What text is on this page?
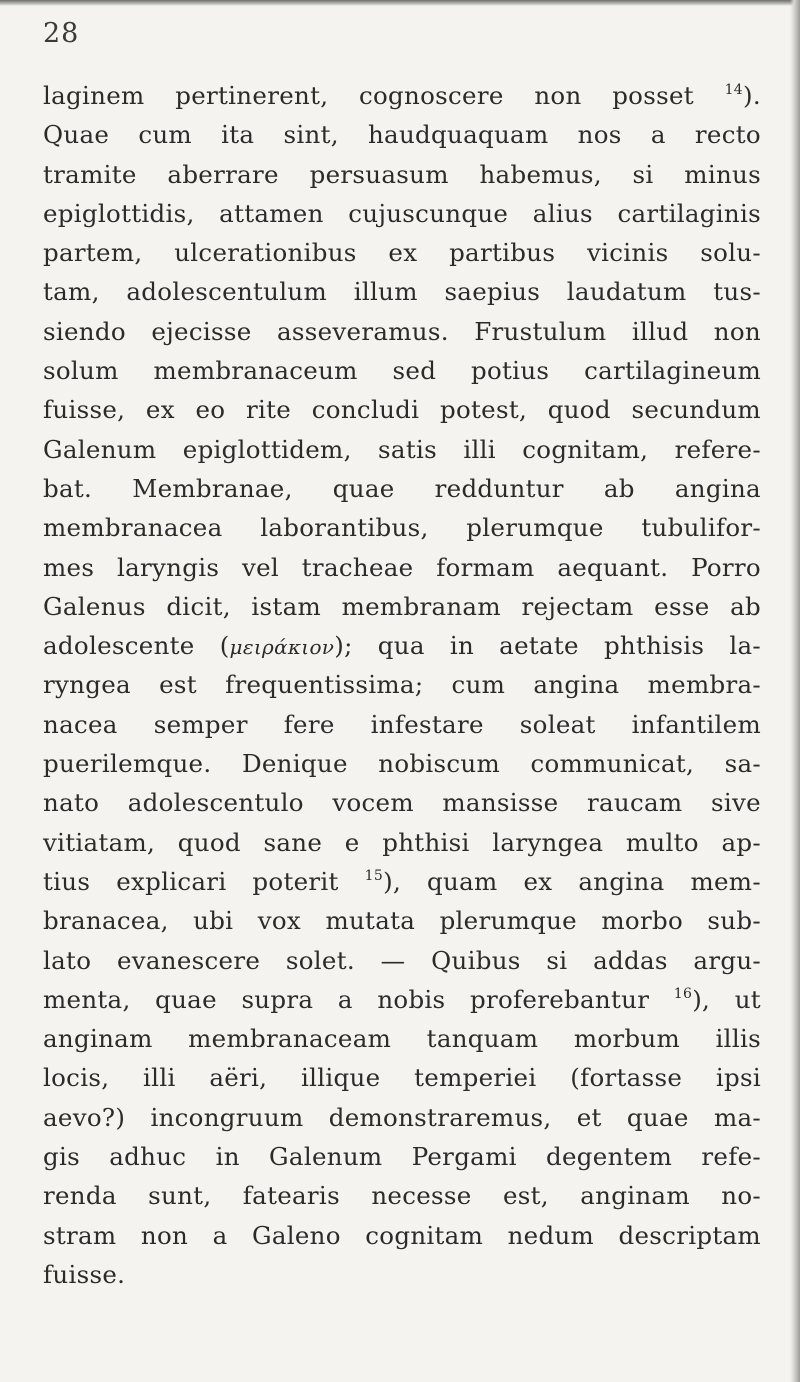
28
laginem pertinerent, cognoscere non posset $^{14}$).
Quae cum ita sint, haudquaquam nos a recto
tramite aberrare persuasum habemus, si minus
epiglottidis, attamen cujuscunque alius cartilaginis
partem, ulcerationibus ex partibus vicinis solu-
tam, adolescentulum illum saepius laudatum tus-
siendo ejecisse asseveramus. Frustulum illud non
solum membranaceum sed potius cartilagineum
fuisse, ex eo rite concludi potest, quod secundum
Galenum epiglottidem, satis illi cognitam, refere-
bat. Membranae, quae redduntur ab angina
membranacea laborantibus, plerumque tubulifor-
mes laryngis vel tracheae formam aequant. Porro
Galenus dicit, istam membranam rejectam esse ab
adolescente (μειράκιον); qua in aetate phthisis la-
ryngea est frequentissima; cum angina membra-
nacea semper fere infestare soleat infantilem
puerilemque. Denique nobiscum communicat, sa-
nato adolescentulo vocem mansisse raucam sive
vitiatam, quod sane e phthisi laryngea multo ap-
tius explicari poterit $^{15}$), quam ex angina mem-
branacea, ubi vox mutata plerumque morbo sub-
lato evanescere solet. — Quibus si addas argu-
menta, quae supra a nobis proferebantur $^{16}$), ut
anginam membranaceam tanquam morbum illis
locis, illi aëri, illique temperiei (fortasse ipsi
aevo?) incongruum demonstraremus, et quae ma-
gis adhuc in Galenum Pergami degentem refe-
renda sunt, fatearis necesse est, anginam no-
stram non a Galeno cognitam nedum descriptam
fuisse.
